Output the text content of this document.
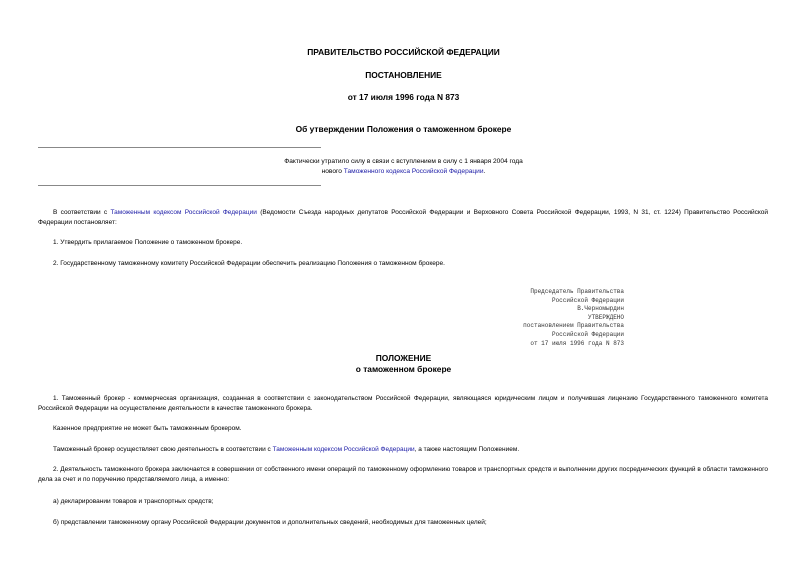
ПРАВИТЕЛЬСТВО РОССИЙСКОЙ ФЕДЕРАЦИИ
ПОСТАНОВЛЕНИЕ
от 17 июля 1996 года N 873
Об утверждении Положения о таможенном брокере
Фактически утратило силу в связи с вступлением в силу с 1 января 2004 года
нового Таможенного кодекса Российской Федерации.
В соответствии с Таможенным кодексом Российской Федерации (Ведомости Съезда народных депутатов Российской Федерации и Верховного Совета Российской Федерации, 1993, N 31, ст. 1224) Правительство Российской Федерации постановляет:
1. Утвердить прилагаемое Положение о таможенном брокере.
2. Государственному таможенному комитету Российской Федерации обеспечить реализацию Положения о таможенном брокере.
Председатель Правительства
Российской Федерации
В.Черномырдин
УТВЕРЖДЕНО
постановлением Правительства
Российской Федерации
от 17 июля 1996 года N 873
ПОЛОЖЕНИЕ
о таможенном брокере
1. Таможенный брокер - коммерческая организация, созданная в соответствии с законодательством Российской Федерации, являющаяся юридическим лицом и получившая лицензию Государственного таможенного комитета Российской Федерации на осуществление деятельности в качестве таможенного брокера.
Казенное предприятие не может быть таможенным брокером.
Таможенный брокер осуществляет свою деятельность в соответствии с Таможенным кодексом Российской Федерации, а также настоящим Положением.
2. Деятельность таможенного брокера заключается в совершении от собственного имени операций по таможенному оформлению товаров и транспортных средств и выполнении других посреднических функций в области таможенного дела за счет и по поручению представляемого лица, а именно:
а) декларировании товаров и транспортных средств;
б) представлении таможенному органу Российской Федерации документов и дополнительных сведений, необходимых для таможенных целей;
